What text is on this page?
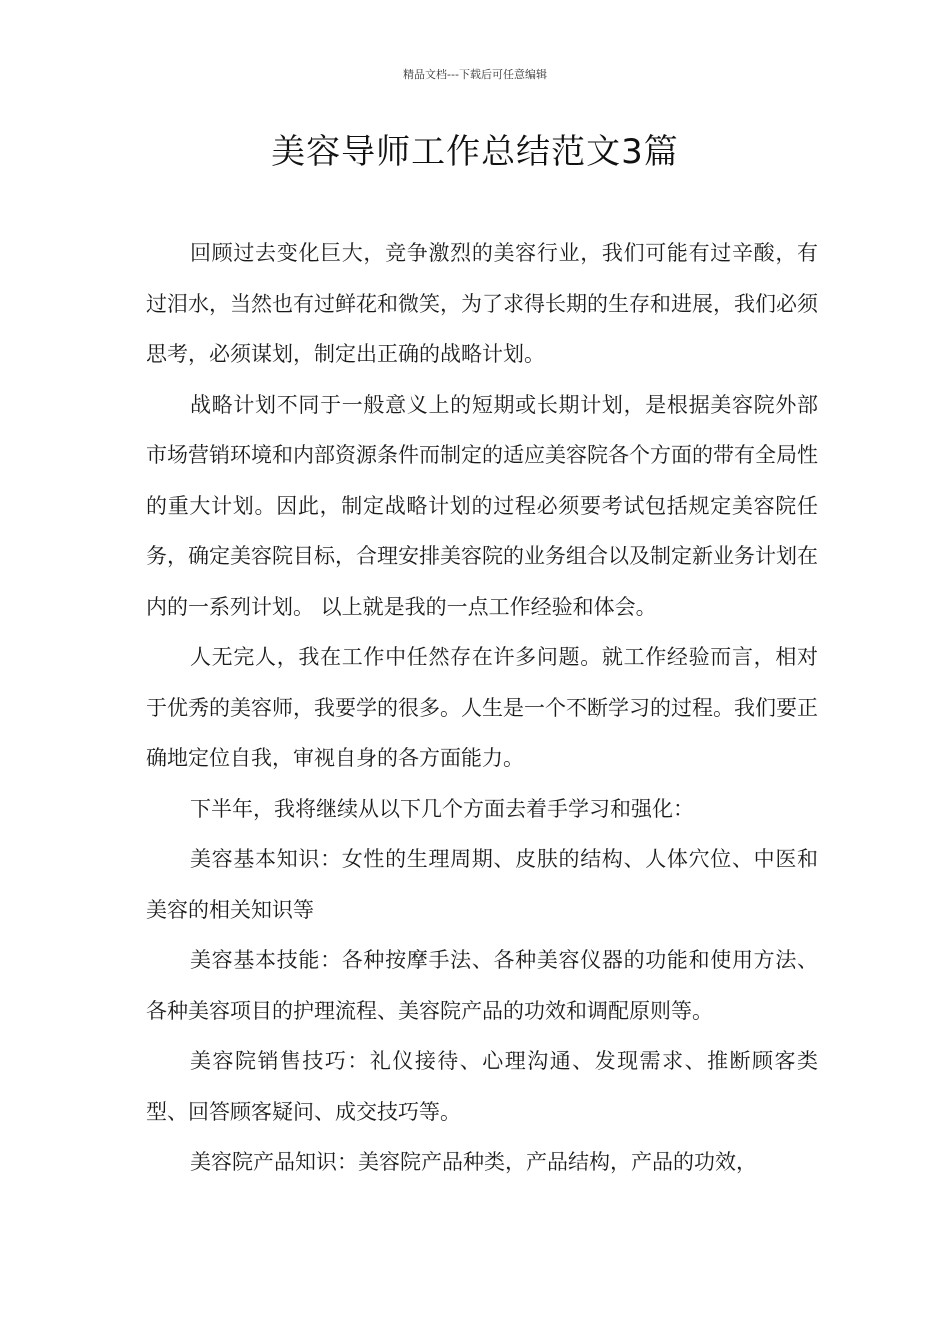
精品文档---下载后可任意编辑
美容导师工作总结范文3篇

回顾过去变化巨大，竞争激烈的美容行业，我们可能有过辛酸，有过泪水，当然也有过鲜花和微笑，为了求得长期的生存和进展，我们必须思考，必须谋划，制定出正确的战略计划。

战略计划不同于一般意义上的短期或长期计划，是根据美容院外部市场营销环境和内部资源条件而制定的适应美容院各个方面的带有全局性的重大计划。因此，制定战略计划的过程必须要考试包括规定美容院任务，确定美容院目标，合理安排美容院的业务组合以及制定新业务计划在内的一系列计划。 以上就是我的一点工作经验和体会。

人无完人，我在工作中任然存在许多问题。就工作经验而言，相对于优秀的美容师，我要学的很多。人生是一个不断学习的过程。我们要正确地定位自我，审视自身的各方面能力。

下半年，我将继续从以下几个方面去着手学习和强化：

美容基本知识：女性的生理周期、皮肤的结构、人体穴位、中医和美容的相关知识等

美容基本技能：各种按摩手法、各种美容仪器的功能和使用方法、各种美容项目的护理流程、美容院产品的功效和调配原则等。

美容院销售技巧：礼仪接待、心理沟通、发现需求、推断顾客类型、回答顾客疑问、成交技巧等。

美容院产品知识：美容院产品种类，产品结构，产品的功效，
